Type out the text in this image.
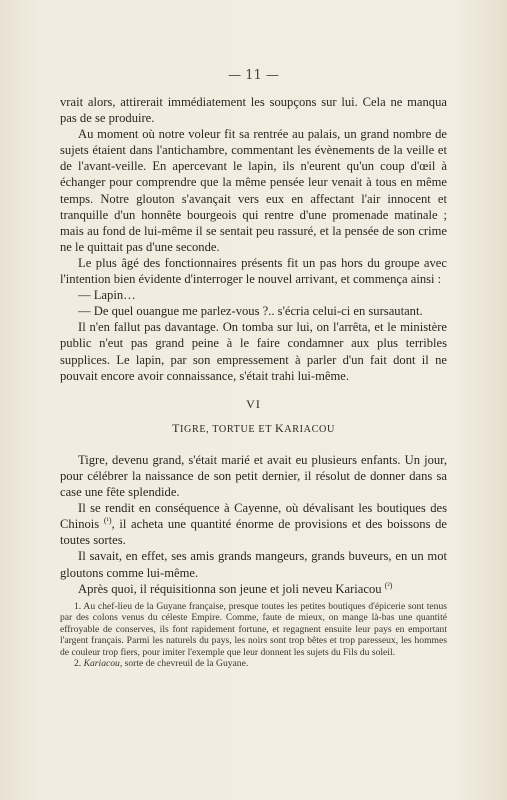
— 11 —

vrait alors, attirerait immédiatement les soupçons sur lui. Cela ne manqua pas de se produire.

Au moment où notre voleur fit sa rentrée au palais, un grand nombre de sujets étaient dans l'antichambre, commentant les évènements de la veille et de l'avant-veille. En apercevant le lapin, ils n'eurent qu'un coup d'œil à échanger pour comprendre que la même pensée leur venait à tous en même temps. Notre glouton s'avançait vers eux en affectant l'air innocent et tranquille d'un honnête bourgeois qui rentre d'une promenade matinale ; mais au fond de lui-même il se sentait peu rassuré, et la pensée de son crime ne le quittait pas d'une seconde.

Le plus âgé des fonctionnaires présents fit un pas hors du groupe avec l'intention bien évidente d'interroger le nouvel arrivant, et commença ainsi :

— Lapin…

— De quel ouangue me parlez-vous ?.. s'écria celui-ci en sursautant.

Il n'en fallut pas davantage. On tomba sur lui, on l'arrêta, et le ministère public n'eut pas grand peine à le faire condamner aux plus terribles supplices. Le lapin, par son empressement à parler d'un fait dont il ne pouvait encore avoir connaissance, s'était trahi lui-même.

VI
TIGRE, TORTUE ET KARIACOU

Tigre, devenu grand, s'était marié et avait eu plusieurs enfants. Un jour, pour célébrer la naissance de son petit dernier, il résolut de donner dans sa case une fête splendide.

Il se rendit en conséquence à Cayenne, où dévalisant les boutiques des Chinois $^{(^1)}$, il acheta une quantité énorme de provisions et des boissons de toutes sortes.

Il savait, en effet, ses amis grands mangeurs, grands buveurs, en un mot gloutons comme lui-même.

Après quoi, il réquisitionna son jeune et joli neveu Kariacou $^{(^2)}$

1. Au chef-lieu de la Guyane française, presque toutes les petites boutiques d'épicerie sont tenus par des colons venus du céleste Empire. Comme, faute de mieux, on mange là-bas une quantité effroyable de conserves, ils font rapidement fortune, et regagnent ensuite leur pays en emportant l'argent français. Parmi les naturels du pays, les noirs sont trop bêtes et trop paresseux, les hommes de couleur trop fiers, pour imiter l'exemple que leur donnent les sujets du Fils du soleil.

2. Kariacou, sorte de chevreuil de la Guyane.
